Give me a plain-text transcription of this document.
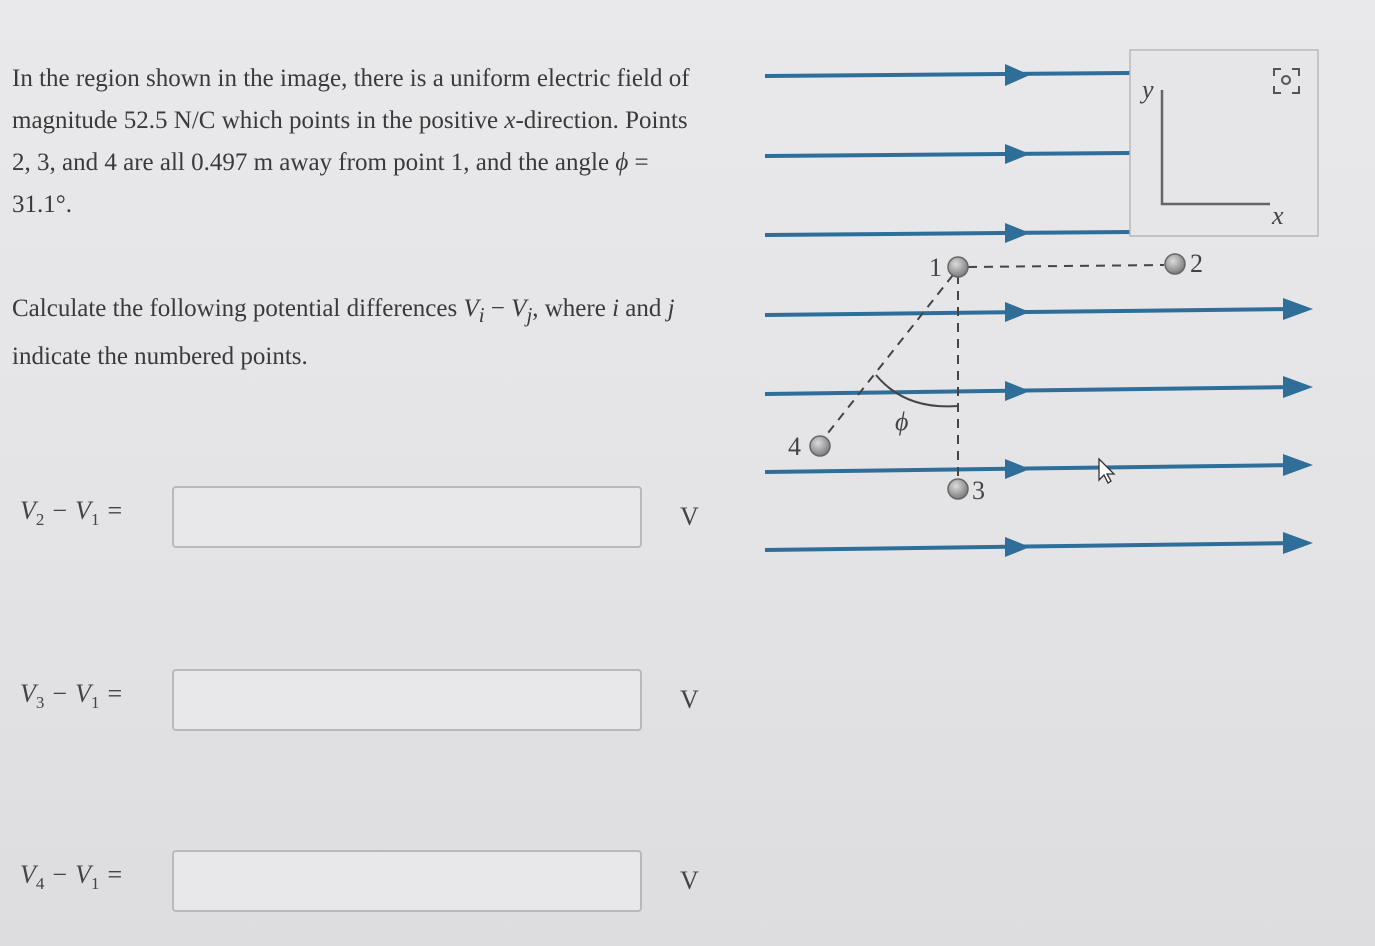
In the region shown in the image, there is a uniform electric field of magnitude 52.5 N/C which points in the positive x-direction. Points 2, 3, and 4 are all 0.497 m away from point 1, and the angle ϕ = 31.1°.

Calculate the following potential differences $V_i - V_j$, where i and j indicate the numbered points.

$V_2 - V_1$ =	V
$V_3 - V_1$ =	V
$V_4 - V_1$ =	V
y
x
ϕ
1	2
3
4
